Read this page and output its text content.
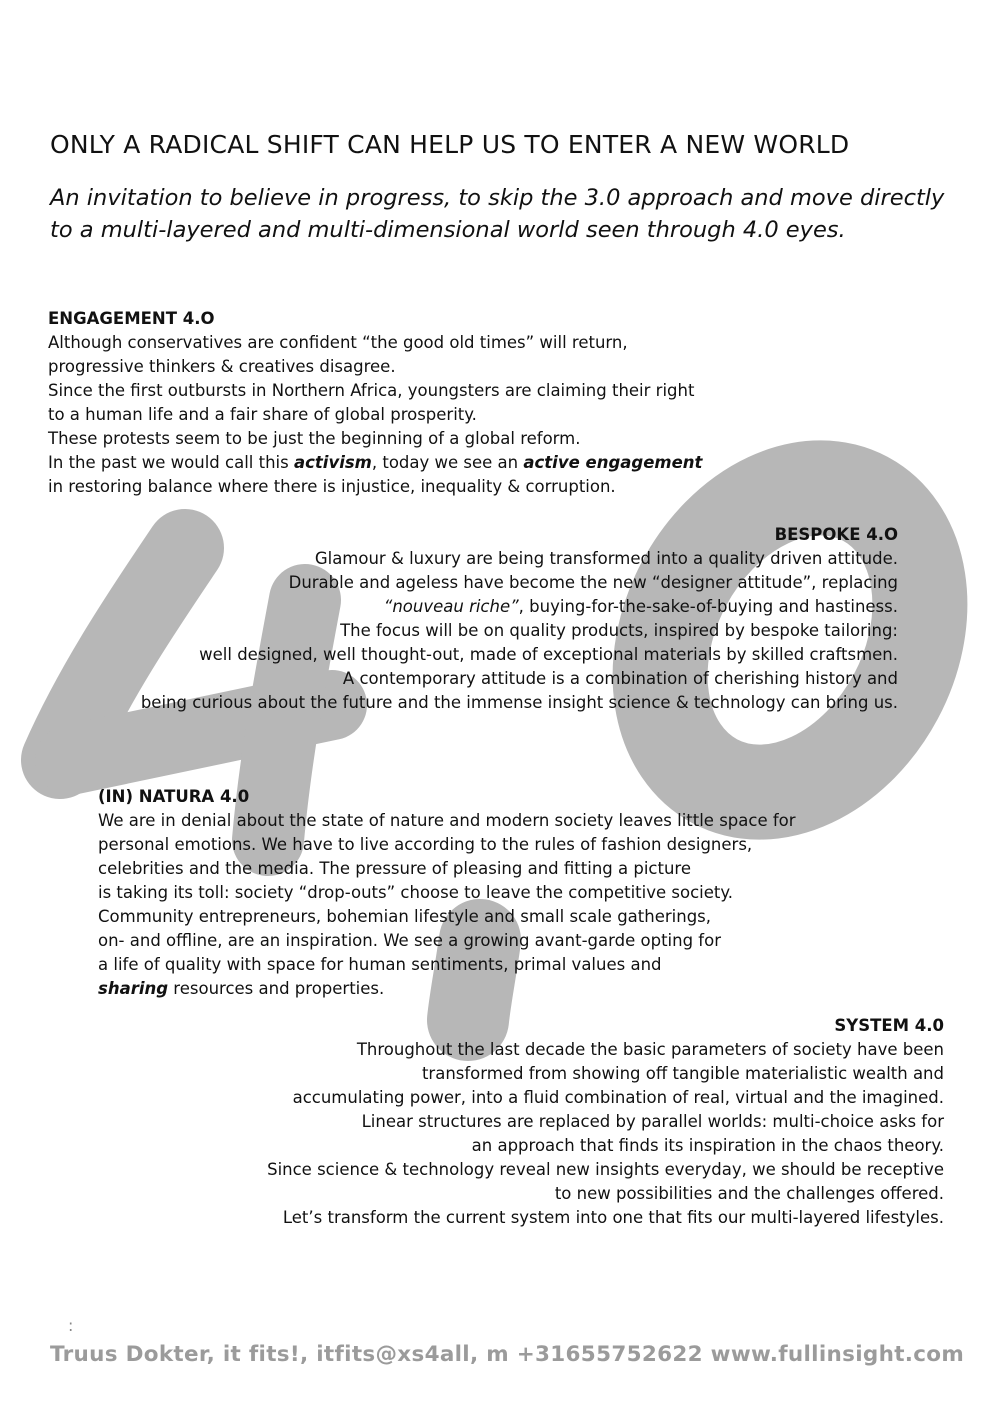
ONLY A RADICAL SHIFT CAN HELP US TO ENTER A NEW WORLD
An invitation to believe in progress, to skip the 3.0 approach and move directly to a multi-layered and multi-dimensional world seen through 4.0 eyes.
ENGAGEMENT 4.O

Although conservatives are confident “the good old times” will return,
progressive thinkers & creatives disagree.
Since the first outbursts in Northern Africa, youngsters are claiming their right
to a human life and a fair share of global prosperity.
These protests seem to be just the beginning of a global reform.
In the past we would call this activism, today we see an active engagement
in restoring balance where there is injustice, inequality & corruption.

BESPOKE 4.O

Glamour & luxury are being transformed into a quality driven attitude.
Durable and ageless have become the new “designer attitude”, replacing
“nouveau riche”, buying-for-the-sake-of-buying and hastiness.
The focus will be on quality products, inspired by bespoke tailoring:
well designed, well thought-out, made of exceptional materials by skilled craftsmen.
A contemporary attitude is a combination of cherishing history and
being curious about the future and the immense insight science & technology can bring us.

(IN) NATURA 4.0

We are in denial about the state of nature and modern society leaves little space for
personal emotions. We have to live according to the rules of fashion designers,
celebrities and the media. The pressure of pleasing and fitting a picture
is taking its toll: society “drop-outs” choose to leave the competitive society.
Community entrepreneurs, bohemian lifestyle and small scale gatherings,
on- and offline, are an inspiration. We see a growing avant-garde opting for
a life of quality with space for human sentiments, primal values and
sharing resources and properties.

SYSTEM 4.0

Throughout the last decade the basic parameters of society have been
transformed from showing off tangible materialistic wealth and
accumulating power, into a fluid combination of real, virtual and the imagined.
Linear structures are replaced by parallel worlds: multi-choice asks for
an approach that finds its inspiration in the chaos theory.
Since science & technology reveal new insights everyday, we should be receptive
to new possibilities and the challenges offered.
Let’s transform the current system into one that fits our multi-layered lifestyles.

:

Truus Dokter, it fits!, itfits@xs4all, m +31655752622 www.fullinsight.com
